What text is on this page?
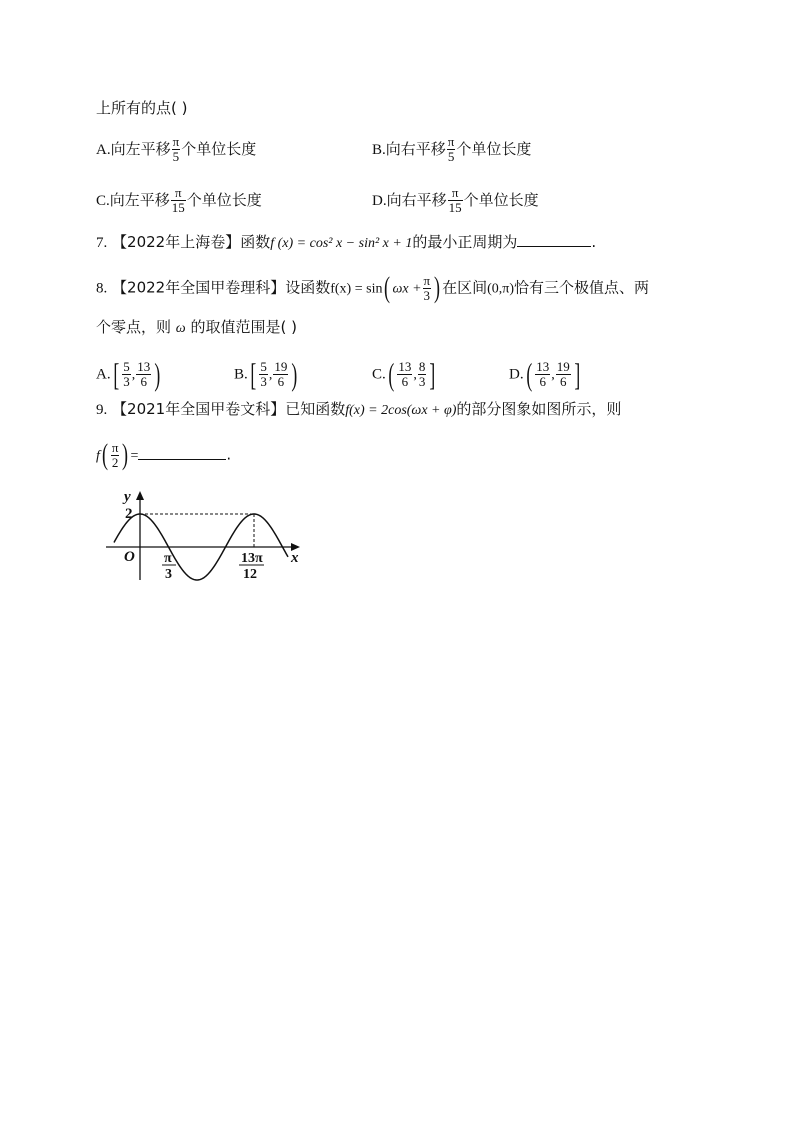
上所有的点( )
A.向左平移 $\frac{\pi}{5}$ 个单位长度	B.向右平移 $\frac{\pi}{5}$ 个单位长度
C.向左平移 $\frac{\pi}{15}$ 个单位长度	D.向右平移 $\frac{\pi}{15}$ 个单位长度
7. 【2022年上海卷】函数f (x) = cos² x − sin² x + 1的最小正周期为	.
8. 【2022年全国甲卷理科】设函数f(x) = sin( $\omega x + \frac{\pi}{3}$ ) 在区间(0,π)恰有三个极值点、两
个零点，则 ω 的取值范围是( )
$A.[ \frac{5}{3}$ , $\frac{13}{6}$ )	$B.[ \frac{5}{3}$ , $\frac{19}{6}$ )	$C.( \frac{13}{6}$ , $\frac{8}{3}$ ]	$D.( \frac{13}{6}$ , $\frac{19}{6}$ ]
9. 【2021年全国甲卷文科】已知函数f(x) = 2cos(ωx + φ)的部分图象如图所示，则
$f( \frac{\pi}{2}$ ) =	.
y
2
O	x
π
3
13π
12
